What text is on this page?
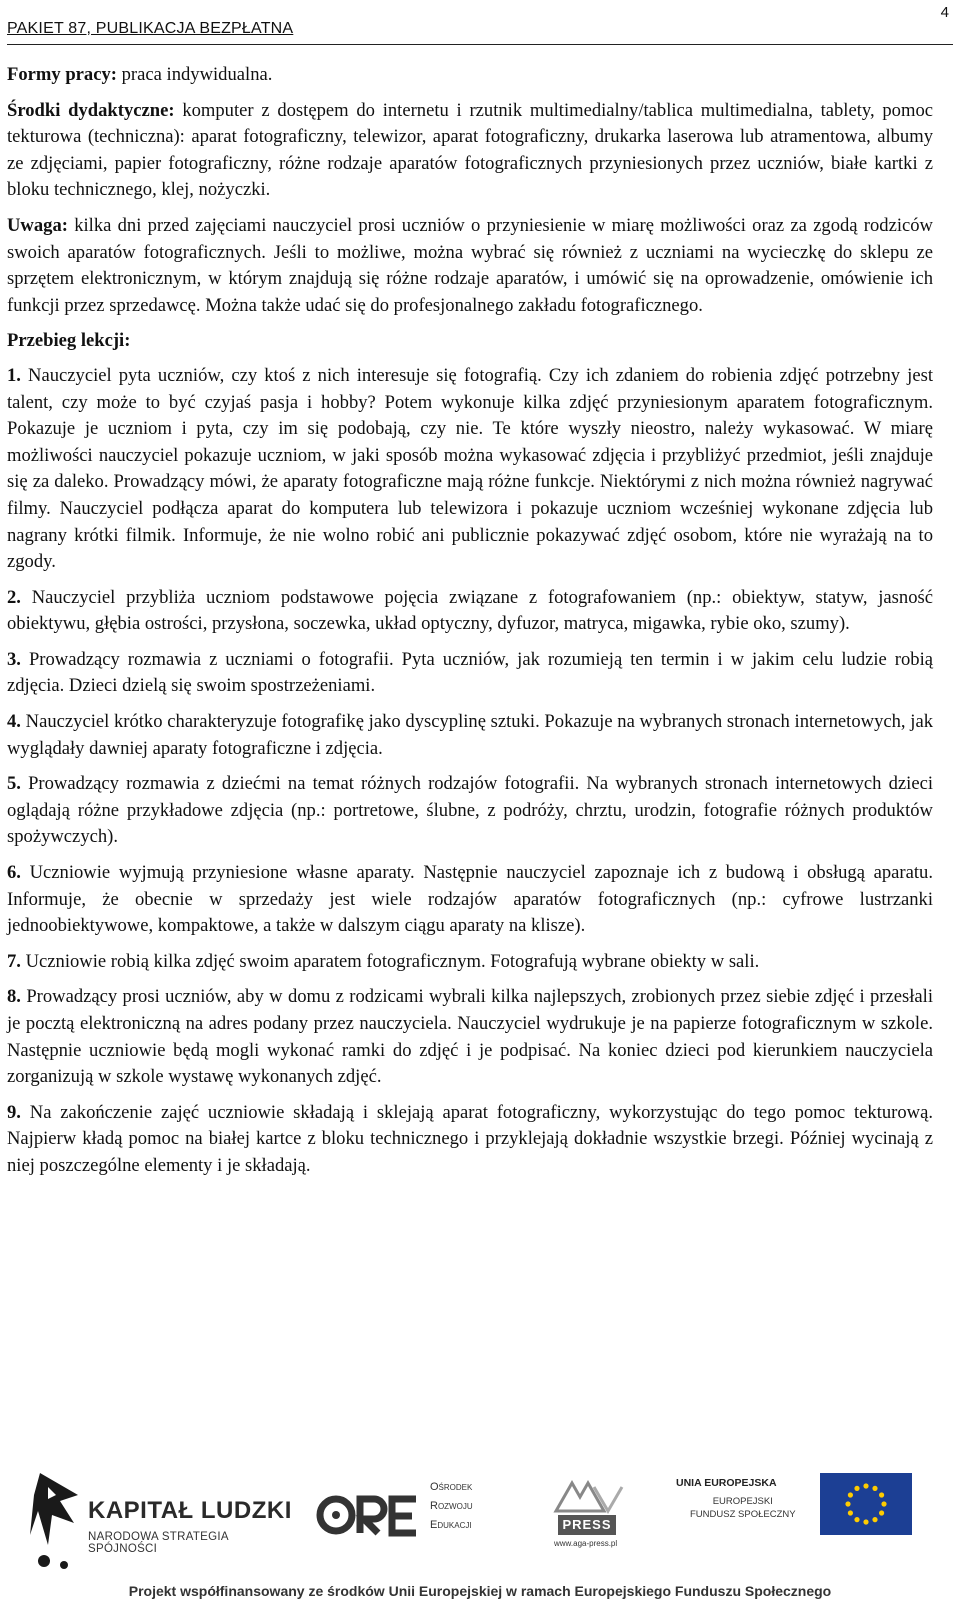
PAKIET 87, PUBLIKACJA BEZPŁATNA
4

Formy pracy: praca indywidualna.

Środki dydaktyczne: komputer z dostępem do internetu i rzutnik multimedialny/tablica multimedialna, tablety, pomoc tekturowa (techniczna): aparat fotograficzny, telewizor, aparat fotograficzny, drukarka laserowa lub atramentowa, albumy ze zdjęciami, papier fotograficzny, różne rodzaje aparatów fotograficznych przyniesionych przez uczniów, białe kartki z bloku technicznego, klej, nożyczki.

Uwaga: kilka dni przed zajęciami nauczyciel prosi uczniów o przyniesienie w miarę możliwości oraz za zgodą rodziców swoich aparatów fotograficznych. Jeśli to możliwe, można wybrać się również z uczniami na wycieczkę do sklepu ze sprzętem elektronicznym, w którym znajdują się różne rodzaje aparatów, i umówić się na oprowadzenie, omówienie ich funkcji przez sprzedawcę. Można także udać się do profesjonalnego zakładu fotograficznego.

Przebieg lekcji:

1. Nauczyciel pyta uczniów, czy ktoś z nich interesuje się fotografią. Czy ich zdaniem do robienia zdjęć potrzebny jest talent, czy może to być czyjaś pasja i hobby? Potem wykonuje kilka zdjęć przyniesionym aparatem fotograficznym. Pokazuje je uczniom i pyta, czy im się podobają, czy nie. Te które wyszły nieostro, należy wykasować. W miarę możliwości nauczyciel pokazuje uczniom, w jaki sposób można wykasować zdjęcia i przybliżyć przedmiot, jeśli znajduje się za daleko. Prowadzący mówi, że aparaty fotograficzne mają różne funkcje. Niektórymi z nich można również nagrywać filmy. Nauczyciel podłącza aparat do komputera lub telewizora i pokazuje uczniom wcześniej wykonane zdjęcia lub nagrany krótki filmik. Informuje, że nie wolno robić ani publicznie pokazywać zdjęć osobom, które nie wyrażają na to zgody.

2. Nauczyciel przybliża uczniom podstawowe pojęcia związane z fotografowaniem (np.: obiektyw, statyw, jasność obiektywu, głębia ostrości, przysłona, soczewka, układ optyczny, dyfuzor, matryca, migawka, rybie oko, szumy).

3. Prowadzący rozmawia z uczniami o fotografii. Pyta uczniów, jak rozumieją ten termin i w jakim celu ludzie robią zdjęcia. Dzieci dzielą się swoim spostrzeżeniami.

4. Nauczyciel krótko charakteryzuje fotografikę jako dyscyplinę sztuki. Pokazuje na wybranych stronach internetowych, jak wyglądały dawniej aparaty fotograficzne i zdjęcia.

5. Prowadzący rozmawia z dziećmi na temat różnych rodzajów fotografii. Na wybranych stronach internetowych dzieci oglądają różne przykładowe zdjęcia (np.: portretowe, ślubne, z podróży, chrztu, urodzin, fotografie różnych produktów spożywczych).

6. Uczniowie wyjmują przyniesione własne aparaty. Następnie nauczyciel zapoznaje ich z budową i obsługą aparatu. Informuje, że obecnie w sprzedaży jest wiele rodzajów aparatów fotograficznych (np.: cyfrowe lustrzanki jednoobiektywowe, kompaktowe, a także w dalszym ciągu aparaty na klisze).

7. Uczniowie robią kilka zdjęć swoim aparatem fotograficznym. Fotografują wybrane obiekty w sali.

8. Prowadzący prosi uczniów, aby w domu z rodzicami wybrali kilka najlepszych, zrobionych przez siebie zdjęć i przesłali je pocztą elektroniczną na adres podany przez nauczyciela. Nauczyciel wydrukuje je na papierze fotograficznym w szkole. Następnie uczniowie będą mogli wykonać ramki do zdjęć i je podpisać. Na koniec dzieci pod kierunkiem nauczyciela zorganizują w szkole wystawę wykonanych zdjęć.

9. Na zakończenie zajęć uczniowie składają i sklejają aparat fotograficzny, wykorzystując do tego pomoc tekturową. Najpierw kładą pomoc na białej kartce z bloku technicznego i przyklejają dokładnie wszystkie brzegi. Później wycinają z niej poszczególne elementy i je składają.

KAPITAŁ LUDZKI
NARODOWA STRATEGIA SPÓJNOŚCI
Ośrodek
Rozwoju
Edukacji	PRESS
www.aga-press.pl
UNIA EUROPEJSKA
EUROPEJSKI
FUNDUSZ SPOŁECZNY
Projekt współfinansowany ze środków Unii Europejskiej w ramach Europejskiego Funduszu Społecznego
